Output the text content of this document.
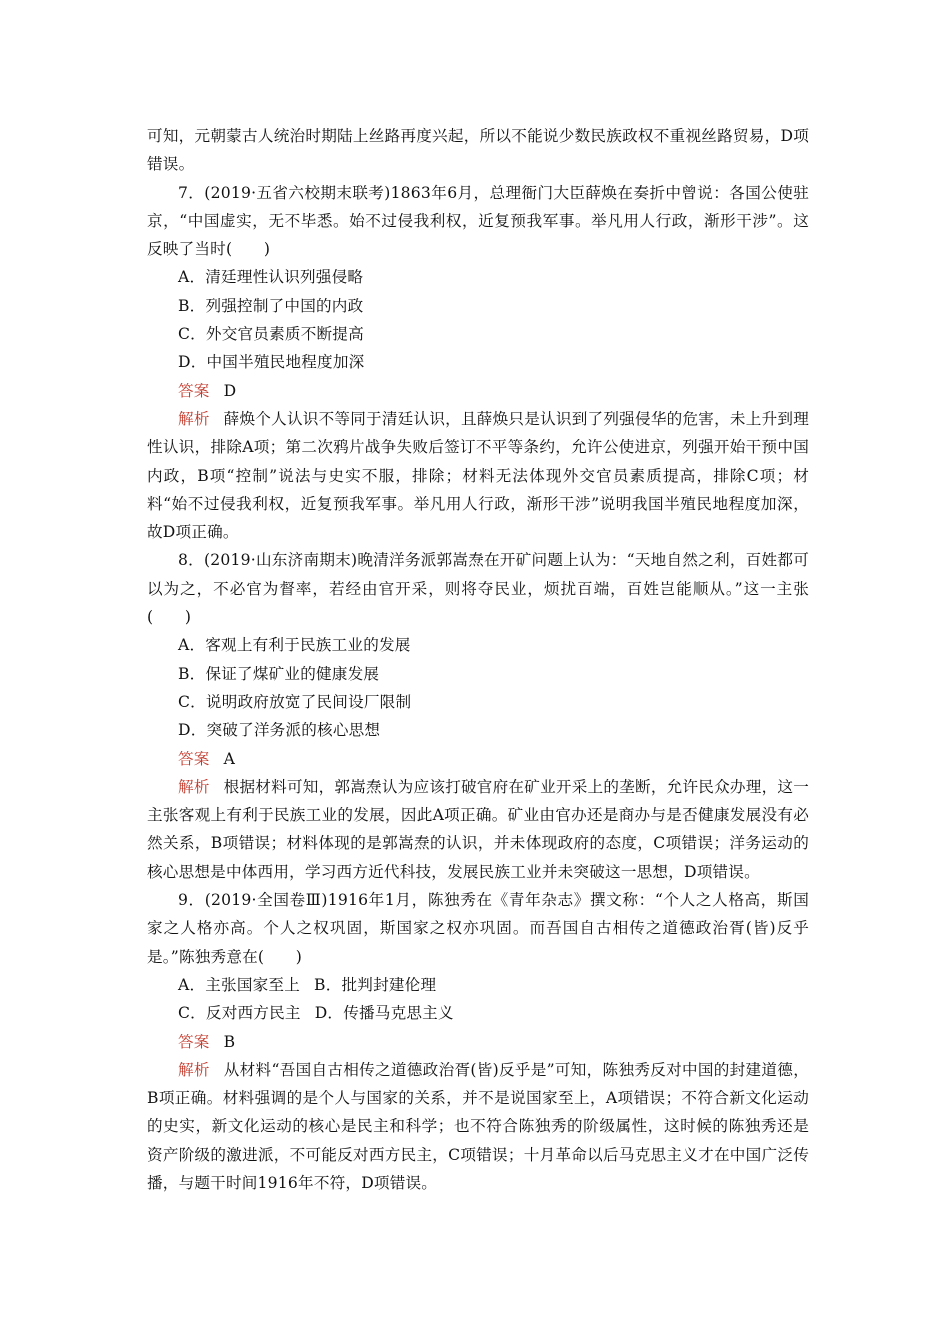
可知，元朝蒙古人统治时期陆上丝路再度兴起，所以不能说少数民族政权不重视丝路贸易，D项错误。

7．(2019·五省六校期末联考)1863年6月，总理衙门大臣薛焕在奏折中曾说：各国公使驻京，“中国虚实，无不毕悉。始不过侵我利权，近复预我军事。举凡用人行政，渐形干涉”。这反映了当时(　　)

A．清廷理性认识列强侵略

B．列强控制了中国的内政

C．外交官员素质不断提高

D．中国半殖民地程度加深

答案 D

解析 薛焕个人认识不等同于清廷认识，且薛焕只是认识到了列强侵华的危害，未上升到理性认识，排除A项；第二次鸦片战争失败后签订不平等条约，允许公使进京，列强开始干预中国内政，B项“控制”说法与史实不服，排除；材料无法体现外交官员素质提高，排除C项；材料“始不过侵我利权，近复预我军事。举凡用人行政，渐形干涉”说明我国半殖民地程度加深，故D项正确。

8．(2019·山东济南期末)晚清洋务派郭嵩焘在开矿问题上认为：“天地自然之利，百姓都可以为之，不必官为督率，若经由官开采，则将夺民业，烦扰百端，百姓岂能顺从。”这一主张(　　)

A．客观上有利于民族工业的发展

B．保证了煤矿业的健康发展

C．说明政府放宽了民间设厂限制

D．突破了洋务派的核心思想

答案 A

解析 根据材料可知，郭嵩焘认为应该打破官府在矿业开采上的垄断，允许民众办理，这一主张客观上有利于民族工业的发展，因此A项正确。矿业由官办还是商办与是否健康发展没有必然关系，B项错误；材料体现的是郭嵩焘的认识，并未体现政府的态度，C项错误；洋务运动的核心思想是中体西用，学习西方近代科技，发展民族工业并未突破这一思想，D项错误。

9．(2019·全国卷Ⅲ)1916年1月，陈独秀在《青年杂志》撰文称：“个人之人格高，斯国家之人格亦高。个人之权巩固，斯国家之权亦巩固。而吾国自古相传之道德政治胥(皆)反乎是。”陈独秀意在(　　)

A．主张国家至上 B．批判封建伦理

C．反对西方民主 D．传播马克思主义

答案 B

解析 从材料“吾国自古相传之道德政治胥(皆)反乎是”可知，陈独秀反对中国的封建道德，B项正确。材料强调的是个人与国家的关系，并不是说国家至上，A项错误；不符合新文化运动的史实，新文化运动的核心是民主和科学；也不符合陈独秀的阶级属性，这时候的陈独秀还是资产阶级的激进派，不可能反对西方民主，C项错误；十月革命以后马克思主义才在中国广泛传播，与题干时间1916年不符，D项错误。
